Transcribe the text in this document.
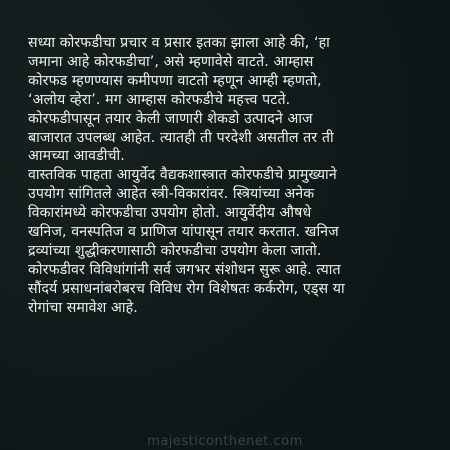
सध्या कोरफडीचा प्रचार व प्रसार इतका झाला आहे की, ‘हा
जमाना आहे कोरफडीचा’, असे म्हणावेसे वाटते. आम्हास
कोरफड म्हणण्यास कमीपणा वाटतो म्हणून आम्ही म्हणतो,
‘अलोय व्हेरा’. मग आम्हास कोरफडीचे महत्त्व पटते.
कोरफडीपासून तयार केली जाणारी शेकडो उत्पादने आज
बाजारात उपलब्ध आहेत. त्यातही ती परदेशी असतील तर ती
आमच्या आवडीची.
वास्तविक पाहता आयुर्वेद वैद्यकशास्त्रात कोरफडीचे प्रामुख्याने
उपयोग सांगितले आहेत स्त्री-विकारांवर. स्त्रियांच्या अनेक
विकारांमध्ये कोरफडीचा उपयोग होतो. आयुर्वेदीय औषधे
खनिज, वनस्पतिज व प्राणिज यांपासून तयार करतात. खनिज
द्रव्यांच्या शुद्धीकरणासाठी कोरफडीचा उपयोग केला जातो.
कोरफडीवर विविधांगांनी सर्व जगभर संशोधन सुरू आहे. त्यात
सौंदर्य प्रसाधनांबरोबरच विविध रोग विशेषतः कर्करोग, एड्स या
रोगांचा समावेश आहे.
majesticonthenet.com
